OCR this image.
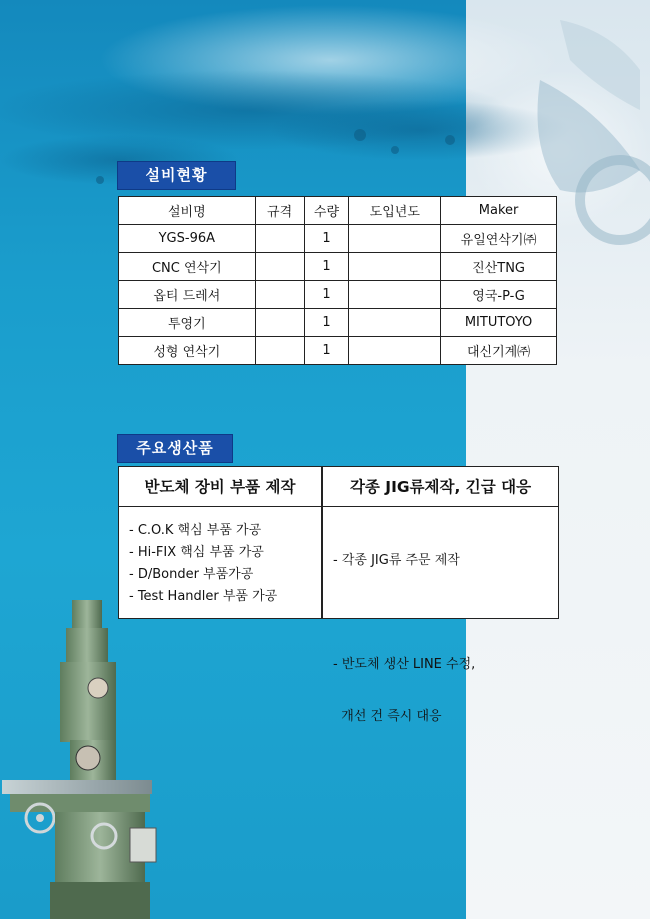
설비현황
설비명	규격	수량	도입년도	Maker
YGS-96A		1		유일연삭기㈜
CNC 연삭기		1		진산TNG
옵티 드레셔		1		영국-P-G
투영기		1		MITUTOYO
성형 연삭기		1		대신기계㈜
주요생산품
반도체 장비 부품 제작	각종 JIG류제작, 긴급 대응
- C.O.K 핵심 부품 가공
- Hi-FIX 핵심 부품 가공
- D/Bonder 부품가공
- Test Handler 부품 가공

- 각종 JIG류 주문 제작

- 반도체 생산 LINE 수정,

개선 건 즉시 대응
